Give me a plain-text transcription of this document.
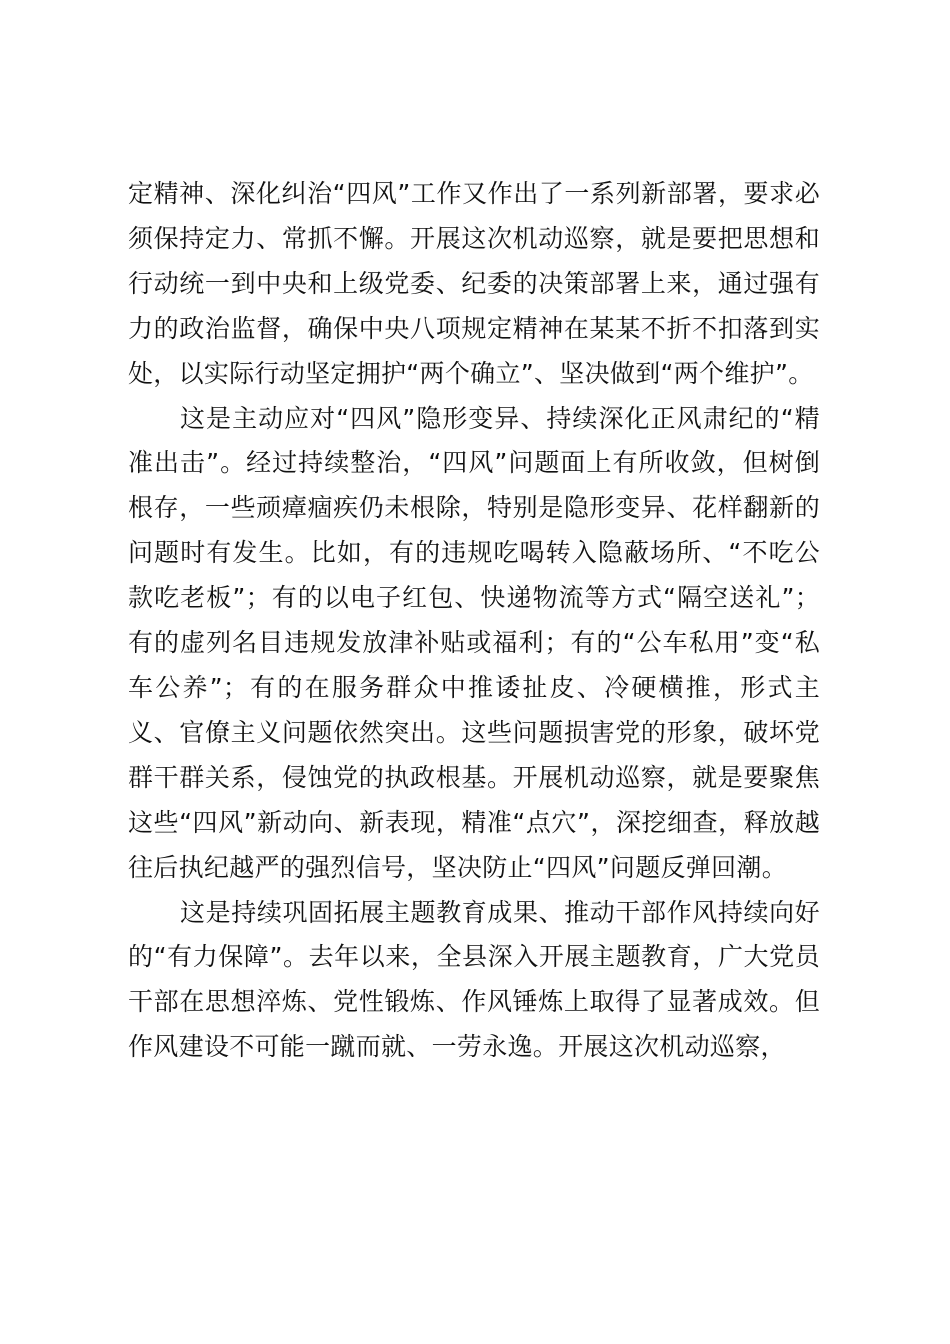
定精神、深化纠治“四风”工作又作出了一系列新部署，要求必须保持定力、常抓不懈。开展这次机动巡察，就是要把思想和行动统一到中央和上级党委、纪委的决策部署上来，通过强有力的政治监督，确保中央八项规定精神在某某不折不扣落到实处，以实际行动坚定拥护“两个确立”、坚决做到“两个维护”。

这是主动应对“四风”隐形变异、持续深化正风肃纪的“精准出击”。经过持续整治，“四风”问题面上有所收敛，但树倒根存，一些顽瘴痼疾仍未根除，特别是隐形变异、花样翻新的问题时有发生。比如，有的违规吃喝转入隐蔽场所、“不吃公款吃老板”；有的以电子红包、快递物流等方式“隔空送礼”；有的虚列名目违规发放津补贴或福利；有的“公车私用”变“私车公养”；有的在服务群众中推诿扯皮、冷硬横推，形式主义、官僚主义问题依然突出。这些问题损害党的形象，破坏党群干群关系，侵蚀党的执政根基。开展机动巡察，就是要聚焦这些“四风”新动向、新表现，精准“点穴”，深挖细查，释放越往后执纪越严的强烈信号，坚决防止“四风”问题反弹回潮。

这是持续巩固拓展主题教育成果、推动干部作风持续向好的“有力保障”。去年以来，全县深入开展主题教育，广大党员干部在思想淬炼、党性锻炼、作风锤炼上取得了显著成效。但作风建设不可能一蹴而就、一劳永逸。开展这次机动巡察，
